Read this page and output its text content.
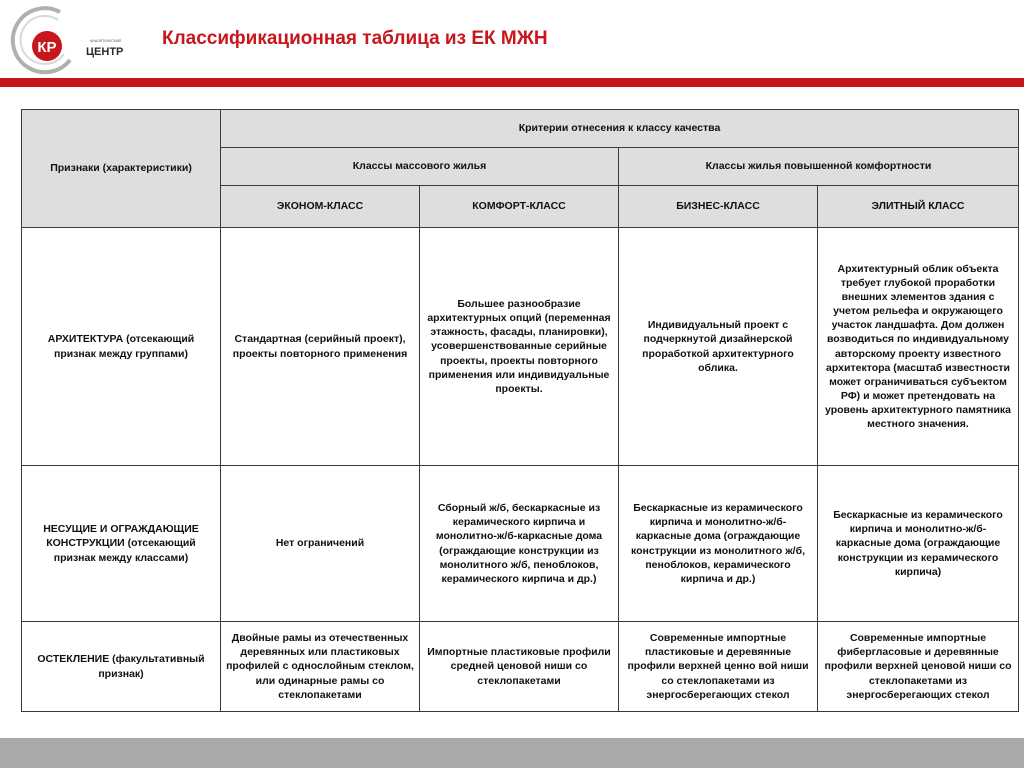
КР	АНАЛИТИЧЕСКИЙ
ЦЕНТР
Классификационная таблица из ЕК МЖН
Признаки (характеристики)	Критерии отнесения к классу качества			
	Классы массового жилья		Классы жилья повышенной комфортности	
	ЭКОНОМ-КЛАСС	КОМФОРТ-КЛАСС	БИЗНЕС-КЛАСС	ЭЛИТНЫЙ КЛАСС
АРХИТЕКТУРА (отсекающий признак между группами)	Стандартная (серийный проект), проекты повторного применения	Большее разнообразие архитектурных опций (переменная этажность, фасады, планировки), усовершенствованные серийные проекты, проекты повторного применения или индивидуальные проекты.	Индивидуальный проект с подчеркнутой дизайнерской проработкой архитектурного облика.	Архитектурный облик объекта требует глубокой проработки внешних элементов здания с учетом рельефа и окружающего участок ландшафта. Дом должен возводиться по индивидуальному авторскому проекту известного архитектора (масштаб известности может ограничиваться субъектом РФ) и может претендовать на уровень архитектурного памятника местного значения.
НЕСУЩИЕ И ОГРАЖДАЮЩИЕ КОНСТРУКЦИИ (отсекающий признак между классами)	Нет ограничений	Сборный ж/б, бескаркасные из керамического кирпича и монолитно-ж/б-каркасные дома (ограждающие конструкции из монолитного ж/б, пеноблоков, керамического кирпича и др.)	Бескаркасные из керамического кирпича и монолитно-ж/б-каркасные дома (ограждающие конструкции из монолитного ж/б, пеноблоков, керамического кирпича и др.)	Бескаркасные из керамического кирпича и монолитно-ж/б-каркасные дома (ограждающие конструкции из керамического кирпича)
ОСТЕКЛЕНИЕ (факультативный признак)	Двойные рамы из отечественных деревянных или пластиковых профилей с однослойным стеклом, или одинарные рамы со стеклопакетами	Импортные пластиковые профили средней ценовой ниши со стеклопакетами	Современные импортные пластиковые и деревянные профили верхней ценно вой ниши со стеклопакетами из энергосберегающих стекол	Современные импортные фибергласовые и деревянные профили верхней ценовой ниши со стеклопакетами из энергосберегающих стекол
